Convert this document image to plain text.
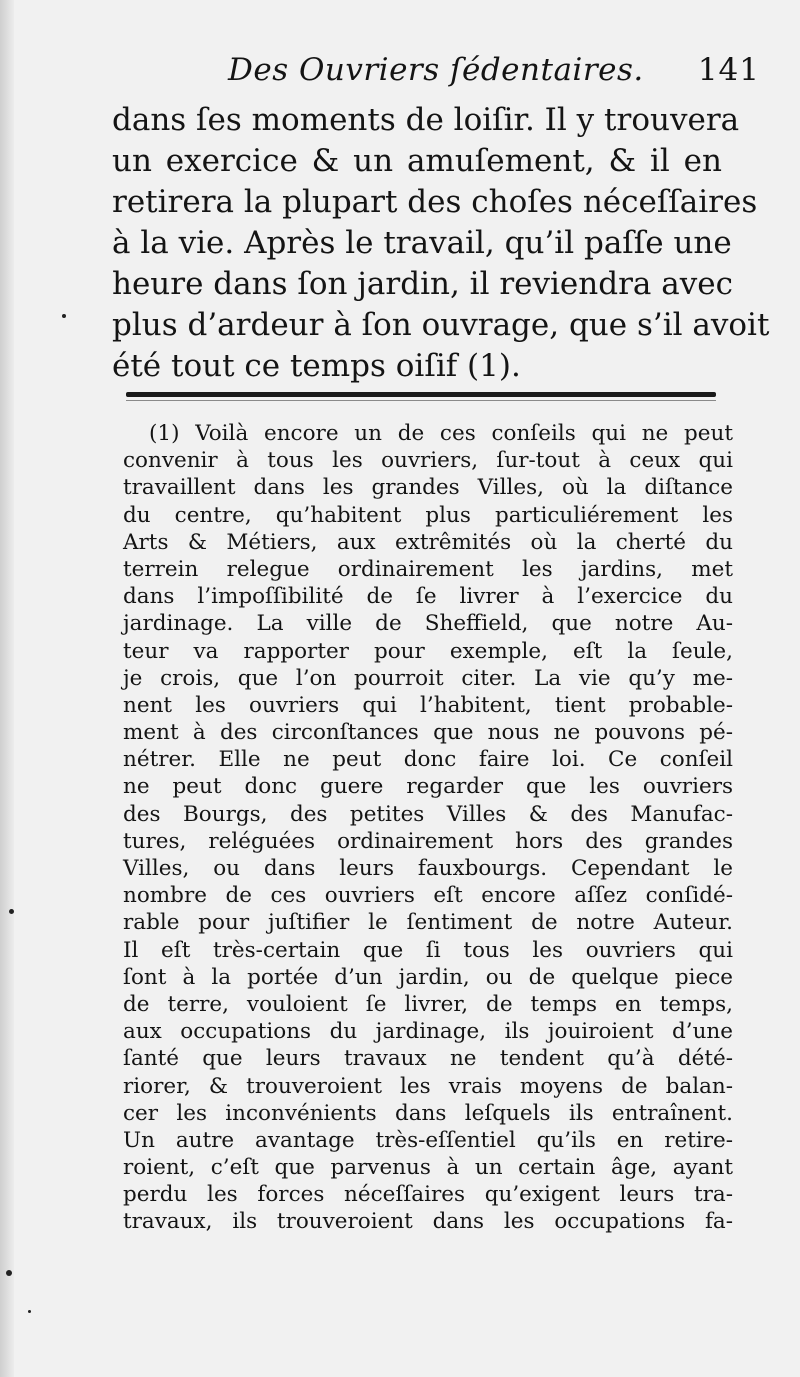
Des Ouvriers ſédentaires. 141
dans ſes moments de loiſir. Il y trouvera
un exercice & un amuſement, & il en
retirera la plupart des choſes néceſſaires
à la vie. Après le travail, qu’il paſſe une
heure dans ſon jardin, il reviendra avec
plus d’ardeur à ſon ouvrage, que s’il avoit
été tout ce temps oiſif (1).
(1) Voilà encore un de ces conſeils qui ne peut
convenir à tous les ouvriers, ſur-tout à ceux qui
travaillent dans les grandes Villes, où la diſtance
du centre, qu’habitent plus particuliérement les
Arts & Métiers, aux extrêmités où la cherté du
terrein relegue ordinairement les jardins, met
dans l’impoſſibilité de ſe livrer à l’exercice du
jardinage. La ville de Sheffield, que notre Au-
teur va rapporter pour exemple, eſt la ſeule,
je crois, que l’on pourroit citer. La vie qu’y me-
nent les ouvriers qui l’habitent, tient probable-
ment à des circonſtances que nous ne pouvons pé-
nétrer. Elle ne peut donc faire loi. Ce conſeil
ne peut donc guere regarder que les ouvriers
des Bourgs, des petites Villes & des Manufac-
tures, reléguées ordinairement hors des grandes
Villes, ou dans leurs fauxbourgs. Cependant le
nombre de ces ouvriers eſt encore aſſez conſidé-
rable pour juſtifier le ſentiment de notre Auteur.
Il eſt très-certain que ſi tous les ouvriers qui
ſont à la portée d’un jardin, ou de quelque piece
de terre, vouloient ſe livrer, de temps en temps,
aux occupations du jardinage, ils jouiroient d’une
ſanté que leurs travaux ne tendent qu’à dété-
riorer, & trouveroient les vrais moyens de balan-
cer les inconvénients dans leſquels ils entraînent.
Un autre avantage très-eſſentiel qu’ils en retire-
roient, c’eſt que parvenus à un certain âge, ayant
perdu les forces néceſſaires qu’exigent leurs tra-
travaux, ils trouveroient dans les occupations fa-
